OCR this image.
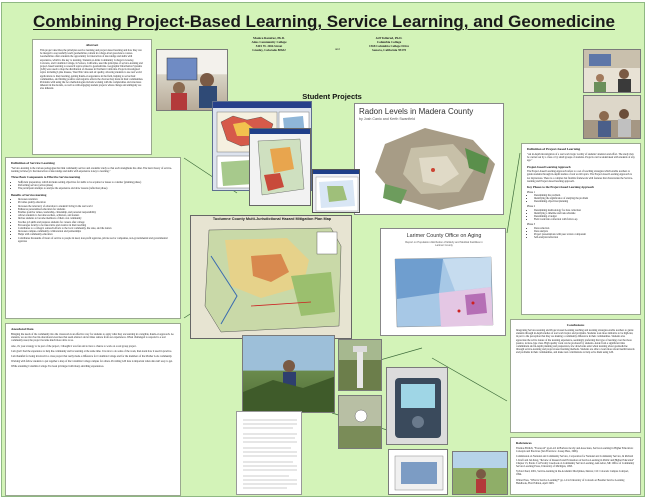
Combining Project-Based Learning, Service Learning, and Geomedicine
Monica Ramirez, Ph.D.
Aims Community College
5401 W. 20th Street
Greeley, Colorado 80632	and
Jeff Tollerud, Ph.D.
Columbia College
1568 Columbia College Drive
Sonora, California 95370
Student Projects
Abstract

This project describes the principles service learning and project-based learning and how they can be merged to successfully teach geomedicine content in college-level geoscience courses. Geomedicine offers students the opportunity for interaction of knowledge and skills with experience, which is the key to learning. Students at Aims Community College in Greeley, Colorado, and Columbia College, in Sonora, California, used the principles of service-learning and project-based learning to research topics related to geomedicine. Geographic Information Systems (GIS) were used to map the distribution of diseases in Northern California. Projects investigated topics including Lyme disease, West Nile virus and air quality, allowing students to use real world applications to their learning, getting hands-on experience in the field, helping to serve their communities, and finding positive and negative effects the choices they made in their communities. Problems with using the two methodologies include working with the complexities and structures inherent in the models, as well as with engaging student projects where change and ambiguity are also inherent.

Definition of Service Learning

"Service-learning is the various pedagogies that link community service and academic study so that each strengthens the other. The basic theory of service-learning is Dewey's: the interaction of knowledge and skills with experience is key to learning."

Three Basic Components to Effective Service-learning
• Sufficient preparation, which includes setting objectives for skills to be acquired or issues to consider (planning phase)
• Performing service (action phase)
• The participant attempts to analyze the experience and draw lessons (reflection phase)
Benefits of Service-learning
• Increases retention
• Provides quality education
• Increases the relevancy of education to students' living in the real world
• Enhances personalized education for students
• Enables positive values, leadership, citizenship, and personal responsibility
• Allows students to become teachers, achievers, and leaders
• Invites students to become members of their own community
• Teaches job skills and prepares students for careers after college
• Encourages faculty to be innovative and creative in their teaching
• Contributes to a college's outreach efforts to the local community, the state, and the nation
• Increases campus-community collaboration and partnerships
• Helps with community education
• Contributes thousands of hours of service to people in need, non-profit agencies, private sector companies, non-governmental and governmental agencies
Anecdotal Data

Bringing the needs of the community into the classroom is an effective way for students to apply what they are learning in a tangible, hands-on approach. As students, we are involved in educational exercises that seem abstract and at times remote from our experiences. When challenged to respond to a real community need, the project became much more alive to us.

Also, it's your strategy to be part of the project, I thought it was fun and to have a chance to work on a real group project.

I am glad I had the experience to help the community and be learning at the same time. It is nice to do some of the work, then learn how it used in practice.

I am thankful for being involved in a class project that really made a difference for Columbia College and for the members of the Mother Lode community.

Working with fellow students to put together a map of the Columbia College campus for others. Providing GIS data is important when data isn't easy to get.

While attending Columbia College I've been privileged with many enriching experiences.

Definition of Project-based Learning

"An in-depth investigation of a real world topic worthy of students' attention and effort. The study may be carried out by a class or by small groups of students. Projects can be undertaken with students of any age."

Project-based Learning Approach

The Project-based Learning Approach refers to a set of teaching strategies which enable teachers to guide students through in-depth studies of real world topics. The Project-based Learning Approach is not mysterious. There is a complex but flexible framework with features that characterize the Service-learning and Project-based learning approach.

Key Phases to the Project-based Learning Approach
Phase 1
• Determining the problem
• Identifying the significance of studying the problem
• Determining objectives/planning
Phase 2
• Determining methodology for data collection
• Identifying a timeline and task schedule
• Determining a budget
• Field work/data collection with follow-up
Phase 3
• Data reduction
• Data analysis
• Project presentations with peer review component
• Self-analysis/reflection
Conclusions

Integrating Service-learning and Project-based Learning teaching and learning strategies enable teachers to guide students through in-depth studies of real world topics and problems. Students took more initiative to be high-tier, in part to the perception that they are making a community difference in their communities. Students also appreciate the active nature of the learning experience, seemingly preferring that type of learning over the more passive, lecture-type class. High quality work can be produced by students. Aside from a significant time commitment and in-depth planning and preparation, few drawbacks exist when learning about geomedicine through service-learning and project-based learning methods. Students are able to learn more about health hazards and problems in their communities, and make real contributions to help solve them using GIS.

References

Thomas Ehrlich, "Foreword" pp.xi-xvi in Barbara Jacoby and Associates, Service-Learning in Higher Education: Concepts and Practices (San Francisco: Jossey-Bass, 1996).

Commission on National and Community Service, Corporation for National and Community Service, In Richard J. Kraft and Jan Krug, "Review of Research and Evaluation on Service-Learning in Public and Higher Education" Chapter 13, Praxis I: A Faculty Casebook on Community Service Learning, Ann Arbor, MI: Office of Community Service Learning Press, University of Michigan, 1993.

Sylvia Chard, 2001, Service-learning in the Academic Disciplines, Denver, CO: Colorado Campus Compact, 1994.

Walter Enos, "What is Service Learning?" pp.1-2 in University of Colorado at Boulder Service Learning Handbook, First Edition, April 1993.

Radon Levels in Madera County
by Josh Canio and Kerth Swanfield
Tuolumne County Multi-Jurisdictional Hazard Mitigation Plan Map
Larimer County Office on Aging
Report on Population distribution of Elderly and Medical Facilities in Larimer County
